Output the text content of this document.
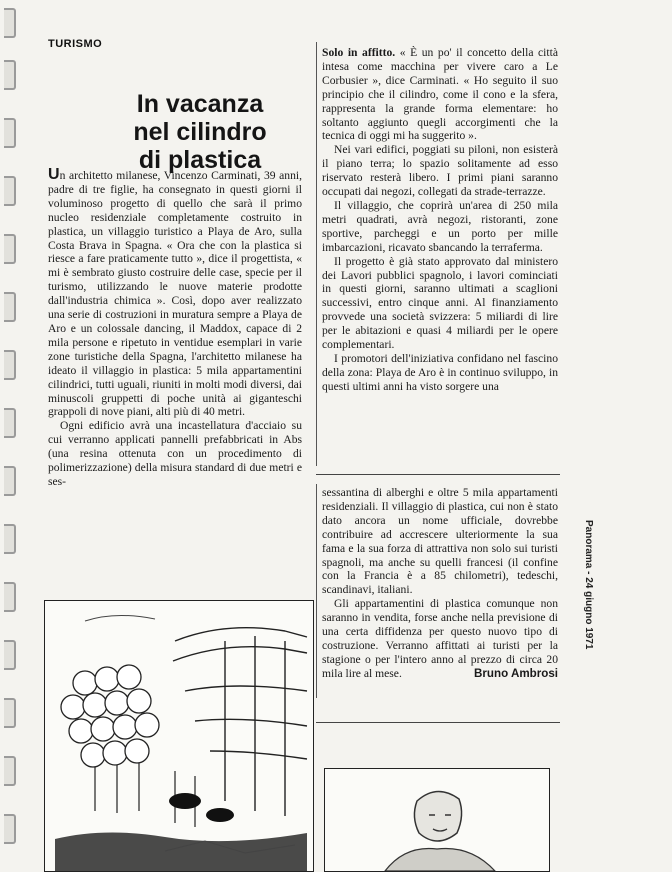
TURISMO
In vacanza
nel cilindro
di plastica

Un architetto milanese, Vincenzo Carminati, 39 anni, padre di tre figlie, ha consegnato in questi giorni il voluminoso progetto di quello che sarà il primo nucleo residenziale completamente costruito in plastica, un villaggio turistico a Playa de Aro, sulla Costa Brava in Spagna. « Ora che con la plastica si riesce a fare praticamente tutto », dice il progettista, « mi è sembrato giusto costruire delle case, specie per il turismo, utilizzando le nuove materie prodotte dall'industria chimica ». Così, dopo aver realizzato una serie di costruzioni in muratura sempre a Playa de Aro e un colossale dancing, il Maddox, capace di 2 mila persone e ripetuto in ventidue esemplari in varie zone turistiche della Spagna, l'architetto milanese ha ideato il villaggio in plastica: 5 mila appartamentini cilindrici, tutti uguali, riuniti in molti modi diversi, dai minuscoli gruppetti di poche unità ai giganteschi grappoli di nove piani, alti più di 40 metri.

Ogni edificio avrà una incastellatura d'acciaio su cui verranno applicati pannelli prefabbricati in Abs (una resina ottenuta con un procedimento di polimerizzazione) della misura standard di due metri e ses-

Solo in affitto. « È un po' il concetto della città intesa come macchina per vivere caro a Le Corbusier », dice Carminati. « Ho seguito il suo principio che il cilindro, come il cono e la sfera, rappresenta la grande forma elementare: ho soltanto aggiunto quegli accorgimenti che la tecnica di oggi mi ha suggerito ».

Nei vari edifici, poggiati su piloni, non esisterà il piano terra; lo spazio solitamente ad esso riservato resterà libero. I primi piani saranno occupati dai negozi, collegati da strade-terrazze.

Il villaggio, che coprirà un'area di 250 mila metri quadrati, avrà negozi, ristoranti, zone sportive, parcheggi e un porto per mille imbarcazioni, ricavato sbancando la terraferma.

Il progetto è già stato approvato dal ministero dei Lavori pubblici spagnolo, i lavori cominciati in questi giorni, saranno ultimati a scaglioni successivi, entro cinque anni. Al finanziamento provvede una società svizzera: 5 miliardi di lire per le abitazioni e quasi 4 miliardi per le opere complementari.

I promotori dell'iniziativa confidano nel fascino della zona: Playa de Aro è in continuo sviluppo, in questi ultimi anni ha visto sorgere una

sessantina di alberghi e oltre 5 mila appartamenti residenziali. Il villaggio di plastica, cui non è stato dato ancora un nome ufficiale, dovrebbe contribuire ad accrescere ulteriormente la sua fama e la sua forza di attrattiva non solo sui turisti spagnoli, ma anche su quelli francesi (il confine con la Francia è a 85 chilometri), tedeschi, scandinavi, italiani.

Gli appartamentini di plastica comunque non saranno in vendita, forse anche nella previsione di una certa diffidenza per questo nuovo tipo di costruzione. Verranno affittati ai turisti per la stagione o per l'intero anno al prezzo di circa 20 mila lire al mese.	Bruno Ambrosi

Panorama - 24 giugno 1971
